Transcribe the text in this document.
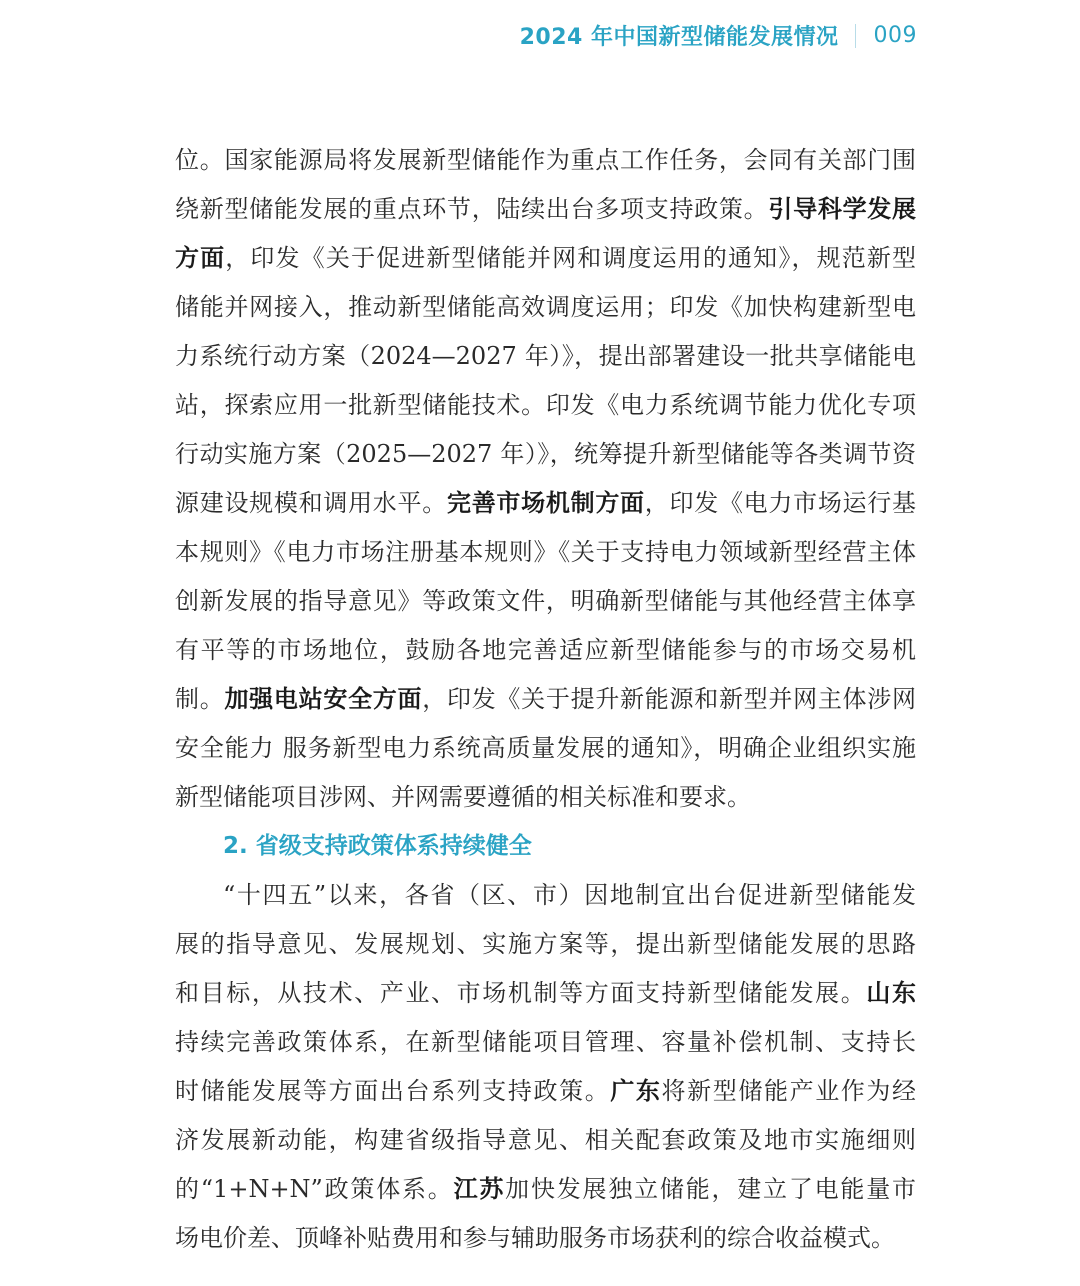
2024 年中国新型储能发展情况 009
位。国家能源局将发展新型储能作为重点工作任务，会同有关部门围
绕新型储能发展的重点环节，陆续出台多项支持政策。引导科学发展
方面，印发《关于促进新型储能并网和调度运用的通知》，规范新型
储能并网接入，推动新型储能高效调度运用；印发《加快构建新型电
力系统行动方案（2024—2027 年）》，提出部署建设一批共享储能电
站，探索应用一批新型储能技术。印发《电力系统调节能力优化专项
行动实施方案（2025—2027 年）》，统筹提升新型储能等各类调节资
源建设规模和调用水平。完善市场机制方面，印发《电力市场运行基
本规则》《电力市场注册基本规则》《关于支持电力领域新型经营主体
创新发展的指导意见》等政策文件，明确新型储能与其他经营主体享
有平等的市场地位，鼓励各地完善适应新型储能参与的市场交易机
制。加强电站安全方面，印发《关于提升新能源和新型并网主体涉网
安全能力 服务新型电力系统高质量发展的通知》，明确企业组织实施
新型储能项目涉网、并网需要遵循的相关标准和要求。
2. 省级支持政策体系持续健全
“十四五”以来，各省（区、市）因地制宜出台促进新型储能发
展的指导意见、发展规划、实施方案等，提出新型储能发展的思路
和目标，从技术、产业、市场机制等方面支持新型储能发展。山东
持续完善政策体系，在新型储能项目管理、容量补偿机制、支持长
时储能发展等方面出台系列支持政策。广东将新型储能产业作为经
济发展新动能，构建省级指导意见、相关配套政策及地市实施细则
的“1+N+N”政策体系。江苏加快发展独立储能，建立了电能量市
场电价差、顶峰补贴费用和参与辅助服务市场获利的综合收益模式。
